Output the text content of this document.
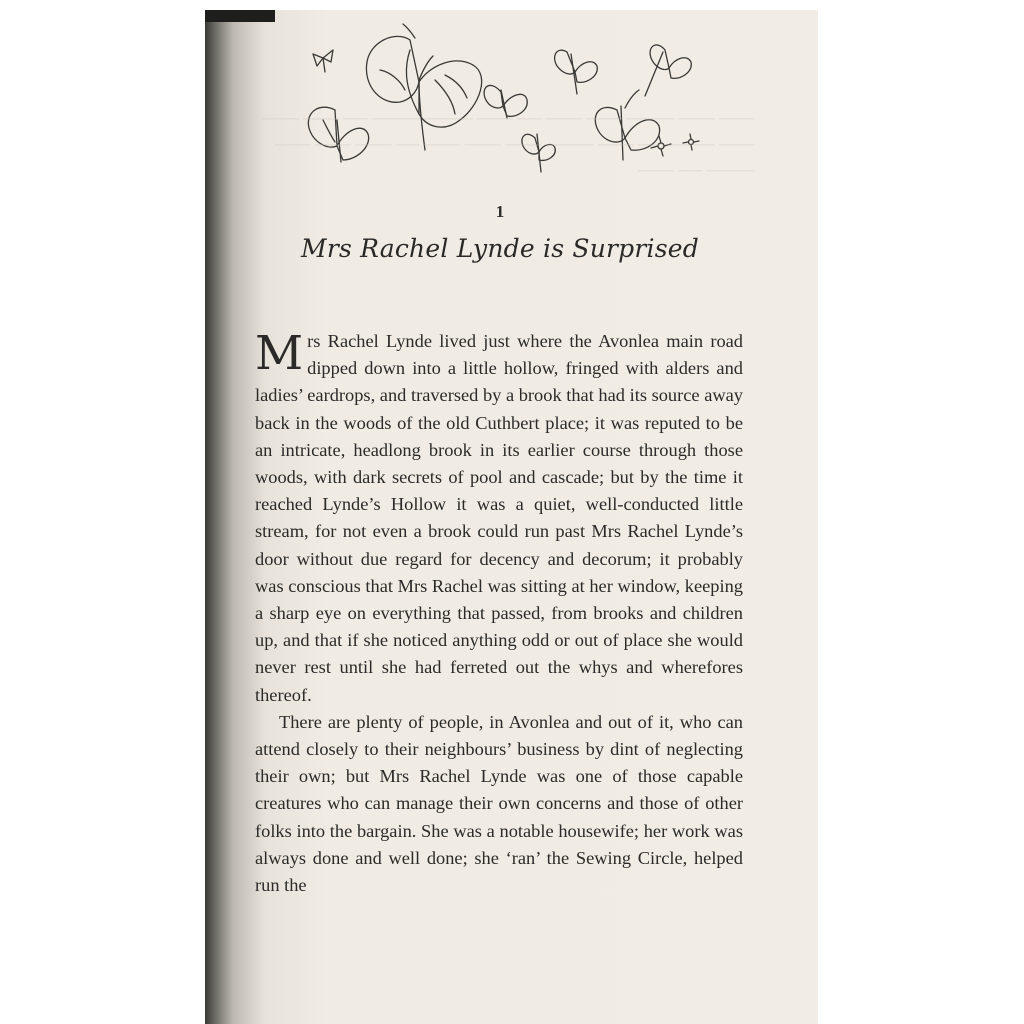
─── ─── ──── ─── ─── ── ─── ──── ──── ── ─── ─── ─── ──── ── ─── ──── ─── ─── ─── ── ─── ─── ─── ──── ── ───
1
Mrs Rachel Lynde is Surprised

Mrs Rachel Lynde lived just where the Avonlea main road dipped down into a little hollow, fringed with alders and ladies’ eardrops, and traversed by a brook that had its source away back in the woods of the old Cuthbert place; it was reputed to be an intricate, headlong brook in its earlier course through those woods, with dark secrets of pool and cascade; but by the time it reached Lynde’s Hollow it was a quiet, well-conducted little stream, for not even a brook could run past Mrs Rachel Lynde’s door without due regard for decency and decorum; it probably was conscious that Mrs Rachel was sitting at her window, keeping a sharp eye on everything that passed, from brooks and children up, and that if she noticed anything odd or out of place she would never rest until she had ferreted out the whys and wherefores thereof.

There are plenty of people, in Avonlea and out of it, who can attend closely to their neighbours’ business by dint of neglecting their own; but Mrs Rachel Lynde was one of those capable creatures who can manage their own concerns and those of other folks into the bargain. She was a notable housewife; her work was always done and well done; she ‘ran’ the Sewing Circle, helped run the
